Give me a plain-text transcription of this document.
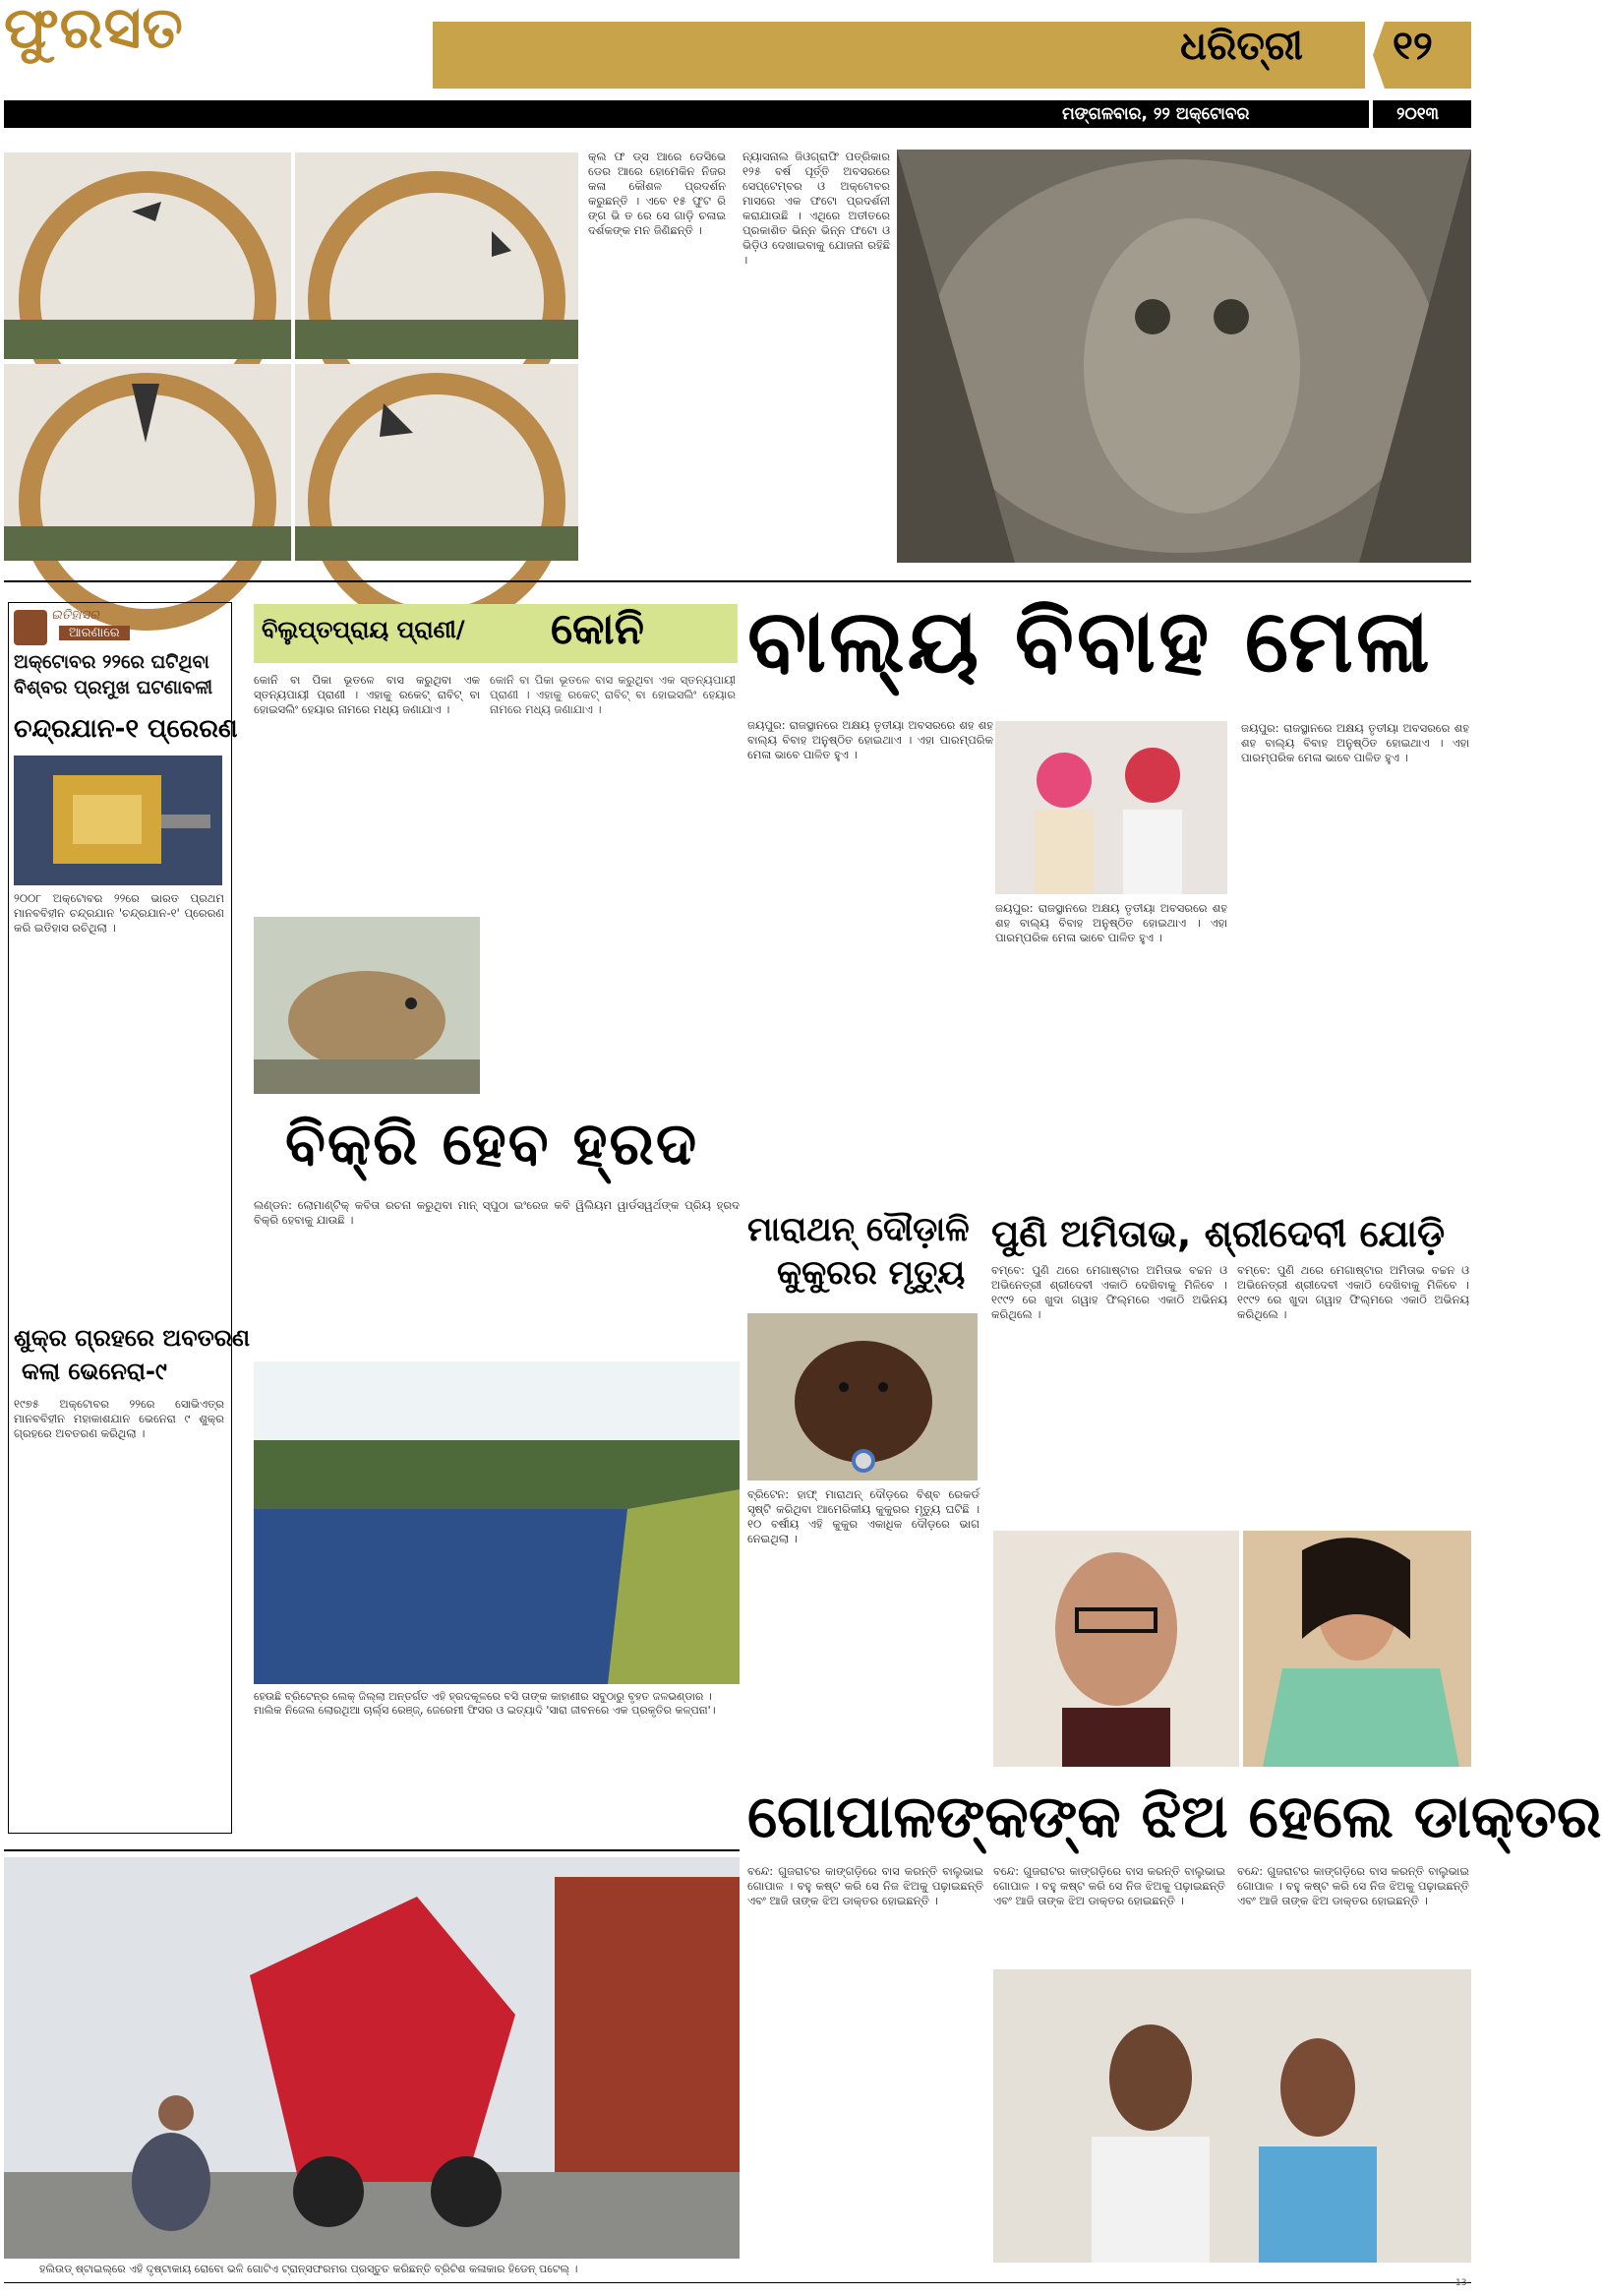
ଫୁରସତ	ଧରିତ୍ରୀ ୧୨
ମଙ୍ଗଳବାର, ୨୨ ଅକ୍ଟୋବର	୨୦୧୩
କ୍ଲ ଫ ଡ୍ସ ଆରେ ଡେସିଭେ ଡେର ଆରେ ହୋମେକିନ ନିଜର କଳା କୌଶଳ ପ୍ରଦର୍ଶନ କରୁଛନ୍ତି । ଏବେ ୧୫ ଫୁଟ ରି ଙ୍ଗ ଭି ତ ରେ ସେ ଗାଡ଼ି ଚଳାଇ ଦର୍ଶକଙ୍କ ମନ ଜିଣିଛନ୍ତି ।
ନ୍ୟାସନାଲ ଜିଓଗ୍ରାଫି ପତ୍ରିକାର ୧୨୫ ବର୍ଷ ପୂର୍ତ୍ତି ଅବସରରେ ସେପ୍ଟେମ୍ବର ଓ ଅକ୍ଟୋବର ମାସରେ ଏକ ଫଟୋ ପ୍ରଦର୍ଶନୀ କରାଯାଉଛି । ଏଥିରେ ଅତୀତରେ ପ୍ରକାଶିତ ଭିନ୍ନ ଭିନ୍ନ ଫଟୋ ଓ ଭିଡ଼ିଓ ଦେଖାଇବାକୁ ଯୋଜନା ରହିଛି ।
ଇତିହାସର
ଆରଣାରେ
ଅକ୍ଟୋବର ୨୨ରେ ଘଟିଥିବା
ବିଶ୍ବର ପ୍ରମୁଖ ଘଟଣାବଳୀ
ଚନ୍ଦ୍ରଯାନ-୧ ପ୍ରେରଣ
୨୦୦୮ ଅକ୍ଟୋବର ୨୨ରେ ଭାରତ ପ୍ରଥମ ମାନବବିହୀନ ଚନ୍ଦ୍ରଯାନ 'ଚନ୍ଦ୍ରଯାନ-୧' ପ୍ରେରଣ କରି ଇତିହାସ ରଚିଥିଲା ।
ଶୁକ୍ର ଗ୍ରହରେ ଅବତରଣ
କଲା ଭେନେରା-୯
୧୯୭୫ ଅକ୍ଟୋବର ୨୨ରେ ସୋଭିଏତ୍‌ର ମାନବବିହୀନ ମହାକାଶଯାନ ଭେନେରା ୯ ଶୁକ୍ର ଗ୍ରହରେ ଅବତରଣ କରିଥିଲା ।
ବିଲୁପ୍ତପ୍ରାୟ ପ୍ରାଣୀ/ କୋନି
କୋନି ବା ପିକା ଭୂତଳେ ବାସ କରୁଥିବା ଏକ ସ୍ତନ୍ୟପାୟୀ ପ୍ରାଣୀ । ଏହାକୁ ରକେଟ୍ ରାବିଟ୍ ବା ହୋଇସଲିଂ ହେୟାର ନାମରେ ମଧ୍ୟ ଜଣାଯାଏ ।
କୋନି ବା ପିକା ଭୂତଳେ ବାସ କରୁଥିବା ଏକ ସ୍ତନ୍ୟପାୟୀ ପ୍ରାଣୀ । ଏହାକୁ ରକେଟ୍ ରାବିଟ୍ ବା ହୋଇସଲିଂ ହେୟାର ନାମରେ ମଧ୍ୟ ଜଣାଯାଏ ।
ବିକ୍ରି ହେବ ହ୍ରଦ
ଲଣ୍ଡନ: ଲୋମାଣ୍ଟିକ୍ କବିତା ରଚନା କରୁଥିବା ମାନ୍ ସ୍ପୁଠା ଇଂରେଜ କବି ୱିଲିୟମ ୱାର୍ଡସୱର୍ଥଙ୍କ ପ୍ରିୟ ହ୍ରଦ ବିକ୍ରି ହେବାକୁ ଯାଉଛି ।
ହେଉଛି ବ୍ରିଟେନ୍‌ର ଲେକ୍ ଜିଲ୍ଲା ଅନ୍ତର୍ଗତ ଏହି ହ୍ରଦକୂଳରେ ବସି ତାଙ୍କ କାହାଣୀର ସବୁଠାରୁ ବୃହତ ଜଳଭଣ୍ଡାର । ମାଲିକ ନିଜେଲ ଲୋରଥିଆ ଚାର୍ଲ୍ସ ରେଞ୍ଜ୍, ଜେରେମୀ ଫିସର ଓ ଇତ୍ୟାଦି 'ସାରା ଜୀବନରେ ଏକ ପ୍ରକୃତିର କଳ୍ପନା'।
ବାଲ୍ୟ ବିବାହ ମେଳା
ଜୟପୁର: ରାଜସ୍ଥାନରେ ଅକ୍ଷୟ ତୃତୀୟା ଅବସରରେ ଶହ ଶହ ବାଲ୍ୟ ବିବାହ ଅନୁଷ୍ଠିତ ହୋଇଥାଏ । ଏହା ପାରମ୍ପରିକ ମେଳା ଭାବେ ପାଳିତ ହୁଏ ।
ଜୟପୁର: ରାଜସ୍ଥାନରେ ଅକ୍ଷୟ ତୃତୀୟା ଅବସରରେ ଶହ ଶହ ବାଲ୍ୟ ବିବାହ ଅନୁଷ୍ଠିତ ହୋଇଥାଏ । ଏହା ପାରମ୍ପରିକ ମେଳା ଭାବେ ପାଳିତ ହୁଏ ।
ଜୟପୁର: ରାଜସ୍ଥାନରେ ଅକ୍ଷୟ ତୃତୀୟା ଅବସରରେ ଶହ ଶହ ବାଲ୍ୟ ବିବାହ ଅନୁଷ୍ଠିତ ହୋଇଥାଏ । ଏହା ପାରମ୍ପରିକ ମେଳା ଭାବେ ପାଳିତ ହୁଏ ।
ମାରାଥନ୍ ଦୌଡ଼ାଳି
କୁକୁରର ମୃତ୍ୟୁ
ବ୍ରିଟେନ: ହାଫ୍ ମାରାଥନ୍ ଦୌଡ଼ରେ ବିଶ୍ବ ରେକର୍ଡ ସୃଷ୍ଟି କରିଥିବା ଆମେରିକୀୟ କୁକୁରର ମୃତ୍ୟୁ ଘଟିଛି । ୧୦ ବର୍ଷୀୟ ଏହି କୁକୁର ଏକାଧିକ ଦୌଡ଼ରେ ଭାଗ ନେଇଥିଲା ।
ପୁଣି ଅମିତାଭ, ଶ୍ରୀଦେବୀ ଯୋଡ଼ି
ବମ୍ବେ: ପୁଣି ଥରେ ମେଗାଷ୍ଟାର ଅମିତାଭ ବଚ୍ଚନ ଓ ଅଭିନେତ୍ରୀ ଶ୍ରୀଦେବୀ ଏକାଠି ଦେଖିବାକୁ ମିଳିବେ । ୧୯୯୨ ରେ ଖୁଦା ଗୱାହ ଫିଲ୍ମରେ ଏକାଠି ଅଭିନୟ କରିଥିଲେ ।
ବମ୍ବେ: ପୁଣି ଥରେ ମେଗାଷ୍ଟାର ଅମିତାଭ ବଚ୍ଚନ ଓ ଅଭିନେତ୍ରୀ ଶ୍ରୀଦେବୀ ଏକାଠି ଦେଖିବାକୁ ମିଳିବେ । ୧୯୯୨ ରେ ଖୁଦା ଗୱାହ ଫିଲ୍ମରେ ଏକାଠି ଅଭିନୟ କରିଥିଲେ ।
ଗୋପାଳଙ୍କଙ୍କ ଝିଅ ହେଲେ ଡାକ୍ତର
ବନ୍ଦେ: ଗୁଜରାଟର କାଙ୍ଗଡ଼ିରେ ବାସ କରନ୍ତି ବାଲୁଭାଇ ଗୋପାଳ । ବହୁ କଷ୍ଟ କରି ସେ ନିଜ ଝିଅକୁ ପଢ଼ାଇଛନ୍ତି ଏବଂ ଆଜି ତାଙ୍କ ଝିଅ ଡାକ୍ତର ହୋଇଛନ୍ତି ।
ବନ୍ଦେ: ଗୁଜରାଟର କାଙ୍ଗଡ଼ିରେ ବାସ କରନ୍ତି ବାଲୁଭାଇ ଗୋପାଳ । ବହୁ କଷ୍ଟ କରି ସେ ନିଜ ଝିଅକୁ ପଢ଼ାଇଛନ୍ତି ଏବଂ ଆଜି ତାଙ୍କ ଝିଅ ଡାକ୍ତର ହୋଇଛନ୍ତି ।
ବନ୍ଦେ: ଗୁଜରାଟର କାଙ୍ଗଡ଼ିରେ ବାସ କରନ୍ତି ବାଲୁଭାଇ ଗୋପାଳ । ବହୁ କଷ୍ଟ କରି ସେ ନିଜ ଝିଅକୁ ପଢ଼ାଇଛନ୍ତି ଏବଂ ଆଜି ତାଙ୍କ ଝିଅ ଡାକ୍ତର ହୋଇଛନ୍ତି ।
ହଲିଉଡ୍ ଷ୍ଟାଇଲ୍‌ରେ ଏହି ଦୃଷ୍ଟାକାୟ ରୋବୋ ଭଳି ଗୋଟିଏ ଟ୍ରାନ୍ସଫରମର ପ୍ରସ୍ତୁତ କରିଛନ୍ତି ବ୍ରିଟିଶ କଳାକାର ହିଡେନ୍ ପଟେଲ୍ ।
13
